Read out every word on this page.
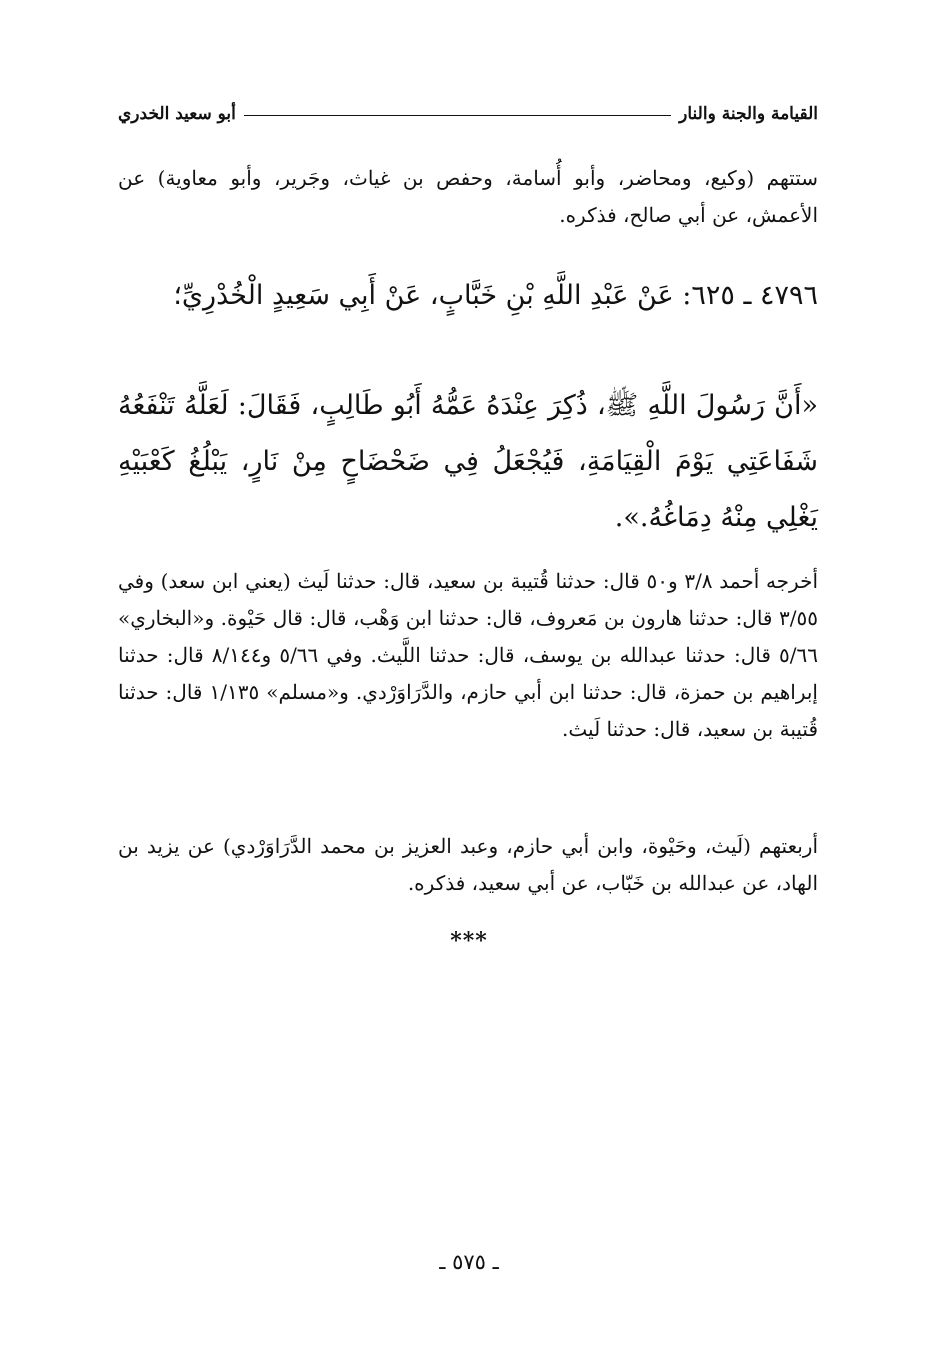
القيامة والجنة والنار
أبو سعيد الخدري
ستتهم (وكيع، ومحاضر، وأبو أُسامة، وحفص بن غياث، وجَرير، وأبو معاوية) عن الأعمش، عن أبي صالح، فذكره.
٤٧٩٦ ـ ٦٢٥: عَنْ عَبْدِ اللَّهِ بْنِ خَبَّابٍ، عَنْ أَبِي سَعِيدٍ الْخُدْرِيِّ؛
«أَنَّ رَسُولَ اللَّهِ ﷺ، ذُكِرَ عِنْدَهُ عَمُّهُ أَبُو طَالِبٍ، فَقَالَ: لَعَلَّهُ تَنْفَعُهُ شَفَاعَتِي يَوْمَ الْقِيَامَةِ، فَيُجْعَلُ فِي ضَحْضَاحٍ مِنْ نَارٍ، يَبْلُغُ كَعْبَيْهِ يَغْلِي مِنْهُ دِمَاغُهُ.».
أخرجه أحمد ٣/٨ و٥٠ قال: حدثنا قُتيبة بن سعيد، قال: حدثنا لَيث (يعني ابن سعد) وفي ٣/٥٥ قال: حدثنا هارون بن مَعروف، قال: حدثنا ابن وَهْب، قال: قال حَيْوة. و«البخاري» ٥/٦٦ قال: حدثنا عبدالله بن يوسف، قال: حدثنا اللَّيث. وفي ٥/٦٦ و٨/١٤٤ قال: حدثنا إبراهيم بن حمزة، قال: حدثنا ابن أبي حازم، والدَّرَاوَرْدي. و«مسلم» ١/١٣٥ قال: حدثنا قُتيبة بن سعيد، قال: حدثنا لَيث.
أربعتهم (لَيث، وحَيْوة، وابن أبي حازم، وعبد العزيز بن محمد الدَّرَاوَرْدي) عن يزيد بن الهاد، عن عبدالله بن خَبّاب، عن أبي سعيد، فذكره.
***
ـ ٥٧٥ ـ
